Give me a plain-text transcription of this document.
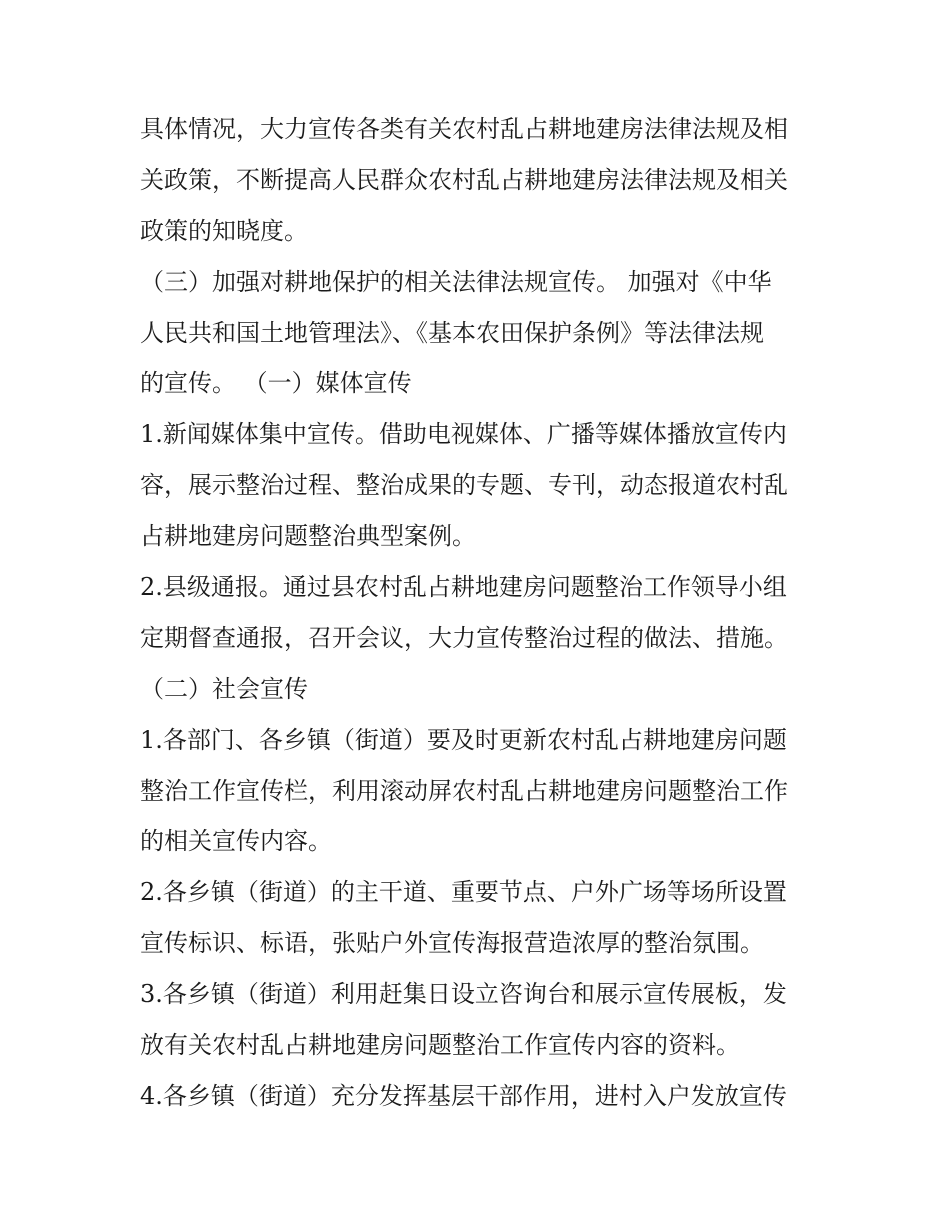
具体情况，大力宣传各类有关农村乱占耕地建房法律法规及相
关政策，不断提高人民群众农村乱占耕地建房法律法规及相关
政策的知晓度。
（三）加强对耕地保护的相关法律法规宣传。 加强对《中华
人民共和国土地管理法》、《基本农田保护条例》等法律法规
的宣传。 （一）媒体宣传
1.新闻媒体集中宣传。借助电视媒体、广播等媒体播放宣传内
容，展示整治过程、整治成果的专题、专刊，动态报道农村乱
占耕地建房问题整治典型案例。
2.县级通报。通过县农村乱占耕地建房问题整治工作领导小组
定期督查通报，召开会议，大力宣传整治过程的做法、措施。
（二）社会宣传
1.各部门、各乡镇（街道）要及时更新农村乱占耕地建房问题
整治工作宣传栏，利用滚动屏农村乱占耕地建房问题整治工作
的相关宣传内容。
2.各乡镇（街道）的主干道、重要节点、户外广场等场所设置
宣传标识、标语，张贴户外宣传海报营造浓厚的整治氛围。
3.各乡镇（街道）利用赶集日设立咨询台和展示宣传展板，发
放有关农村乱占耕地建房问题整治工作宣传内容的资料。
4.各乡镇（街道）充分发挥基层干部作用，进村入户发放宣传
